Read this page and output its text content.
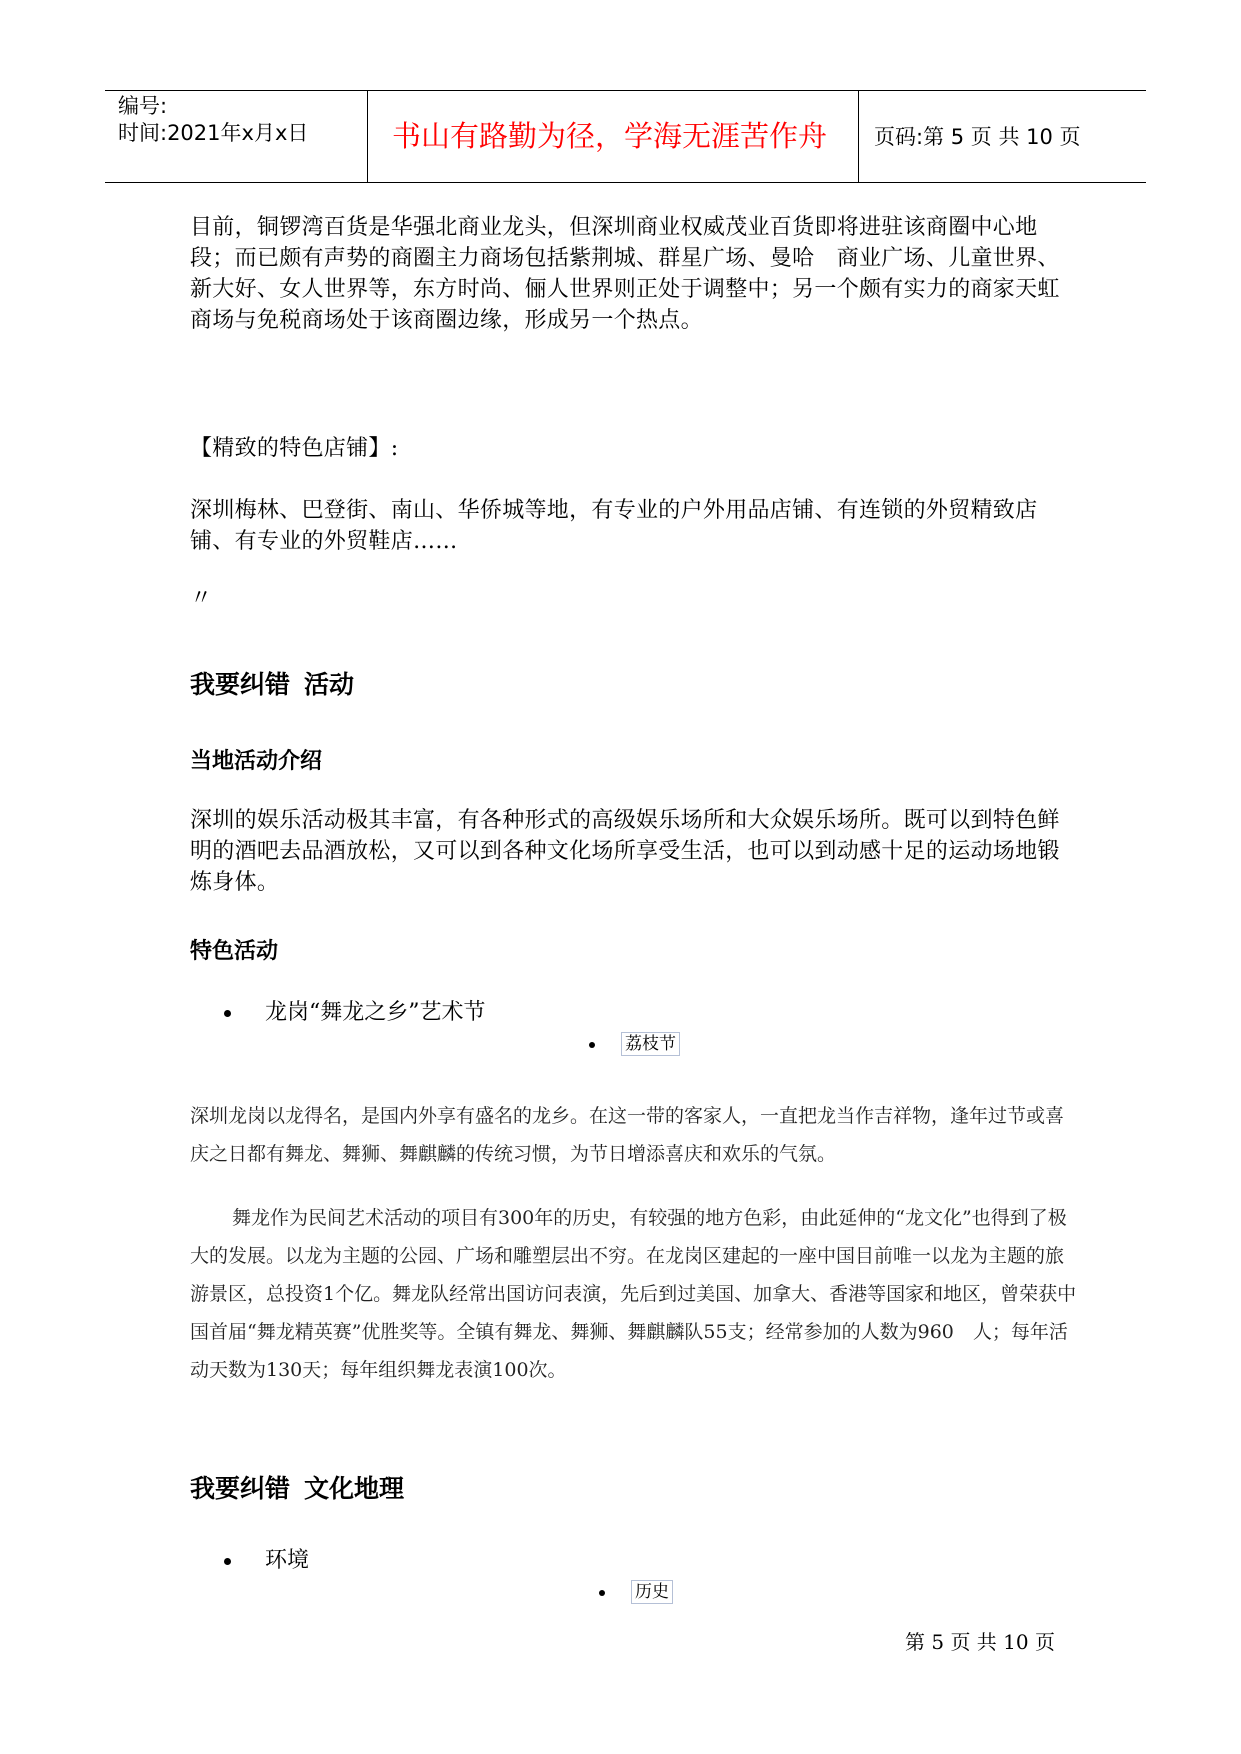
编号:
时间:2021年x月x日	书山有路勤为径，学海无涯苦作舟 页码:第 5 页 共 10 页
目前，铜锣湾百货是华强北商业龙头，但深圳商业权威茂业百货即将进驻该商圈中心地段；而已颇有声势的商圈主力商场包括紫荆城、群星广场、曼哈　商业广场、儿童世界、新大好、女人世界等，东方时尚、俪人世界则正处于调整中；另一个颇有实力的商家天虹商场与免税商场处于该商圈边缘，形成另一个热点。
【精致的特色店铺】:
深圳梅林、巴登街、南山、华侨城等地，有专业的户外用品店铺、有连锁的外贸精致店铺、有专业的外贸鞋店……
〃
我要纠错 活动
当地活动介绍
深圳的娱乐活动极其丰富，有各种形式的高级娱乐场所和大众娱乐场所。既可以到特色鲜明的酒吧去品酒放松，又可以到各种文化场所享受生活，也可以到动感十足的运动场地锻炼身体。
特色活动
龙岗“舞龙之乡”艺术节
荔枝节
深圳龙岗以龙得名，是国内外享有盛名的龙乡。在这一带的客家人，一直把龙当作吉祥物，逢年过节或喜庆之日都有舞龙、舞狮、舞麒麟的传统习惯，为节日增添喜庆和欢乐的气氛。
舞龙作为民间艺术活动的项目有300年的历史，有较强的地方色彩，由此延伸的“龙文化”也得到了极大的发展。以龙为主题的公园、广场和雕塑层出不穷。在龙岗区建起的一座中国目前唯一以龙为主题的旅游景区，总投资1个亿。舞龙队经常出国访问表演，先后到过美国、加拿大、香港等国家和地区，曾荣获中国首届“舞龙精英赛”优胜奖等。全镇有舞龙、舞狮、舞麒麟队55支；经常参加的人数为960　人；每年活动天数为130天；每年组织舞龙表演100次。
我要纠错 文化地理
环境
历史
第 5 页 共 10 页
